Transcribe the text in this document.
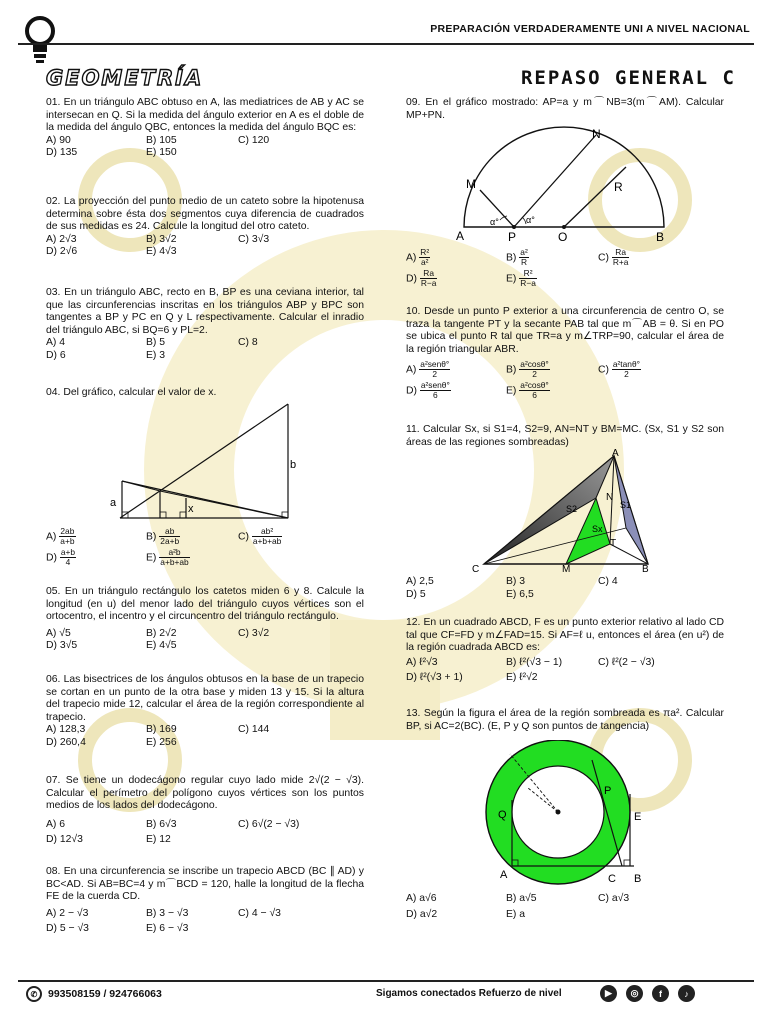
PREPARACIÓN VERDADERAMENTE UNI A NIVEL NACIONAL
GEOMETRÍA	REPASO GENERAL C

01. En un triángulo ABC obtuso en A, las mediatrices de AB y AC se intersecan en Q. Si la medida del ángulo exterior en A es el doble de la medida del ángulo QBC, entonces la medida del ángulo BQC es:

A) 90	B) 105	C) 120
D) 135	E) 150

02. La proyección del punto medio de un cateto sobre la hipotenusa determina sobre ésta dos segmentos cuya diferencia de cuadrados de sus medidas es 24. Calcule la longitud del otro cateto.

A) 2√3	B) 3√2	C) 3√3
D) 2√6	E) 4√3

03. En un triángulo ABC, recto en B, BP es una ceviana interior, tal que las circunferencias inscritas en los triángulos ABP y BPC son tangentes a BP y PC en Q y L respectivamente. Calcular el inradio del triángulo ABC, si BQ=6 y PL=2.

A) 4	B) 5	C) 8
D) 6	E) 3

04. Del gráfico, calcular el valor de x.

a	x
b
$A) \frac{2ab}{a+b}$	$B) \frac{ab}{2a+b}$	$C) \frac{\text{ab²}}{a+b+ab}$
$D) \frac{a+b}{4}$	$E) \frac{\text{a²b}}{a+b+ab}$

05. En un triángulo rectángulo los catetos miden 6 y 8. Calcule la longitud (en u) del menor lado del triángulo cuyos vértices son el ortocentro, el incentro y el circuncentro del triángulo rectángulo.

A) √5	B) 2√2	C) 3√2
D) 3√5	E) 4√5

06. Las bisectrices de los ángulos obtusos en la base de un trapecio se cortan en un punto de la otra base y miden 13 y 15. Si la altura del trapecio mide 12, calcular el área de la región correspondiente al trapecio.

A) 128,3	B) 169	C) 144
D) 260,4	E) 256

07. Se tiene un dodecágono regular cuyo lado mide 2√(2 − √3). Calcular el perímetro del polígono cuyos vértices son los puntos medios de los lados del dodecágono.

A) 6	B) 6√3	C) 6√(2 − √3)
D) 12√3	E) 12

08. En una circunferencia se inscribe un trapecio ABCD (BC ∥ AD) y BC<AD. Si AB=BC=4 y m⌒BCD = 120, halle la longitud de la flecha FE de la cuerda CD.

A) 2 − √3	B) 3 − √3	C) 4 − √3
D) 5 − √3	E) 6 − √3

09. En el gráfico mostrado: AP=a y m⌒NB=3(m⌒AM). Calcular MP+PN.

A	P	O	B
M
N
R
α°	α°
$A) \frac{\text{R²}}{\text{a²}}$	$B) \frac{\text{a²}}{R}$	$C) \frac{Ra}{R+a}$
$D) \frac{Ra}{R-a}$	$E) \frac{\text{R²}}{R-a}$

10. Desde un punto P exterior a una circunferencia de centro O, se traza la tangente PT y la secante PAB tal que m⌒AB = θ. Si en PO se ubica el punto R tal que TR=a y m∠TRP=90, calcular el área de la región triangular ABR.

$A) \frac{\text{a²senθ°}}{2}$	$B) \frac{\text{a²cosθ°}}{2}$	$C) \frac{\text{a²tanθ°}}{2}$
$D) \frac{\text{a²senθ°}}{6}$	$E) \frac{\text{a²cosθ°}}{6}$

11. Calcular Sx, si S1=4, S2=9, AN=NT y BM=MC. (Sx, S1 y S2 son áreas de las regiones sombreadas)

C
A
B
M
N
T
S1
S2
Sx
A) 2,5	B) 3	C) 4
D) 5	E) 6,5

12. En un cuadrado ABCD, F es un punto exterior relativo al lado CD tal que CF=FD y m∠FAD=15. Si AF=ℓ u, entonces el área (en u²) de la región cuadrada ABCD es:

A) ℓ²√3	B) ℓ²(√3 − 1)	C) ℓ²(2 − √3)
D) ℓ²(√3 + 1)	E) ℓ²√2

13. Según la figura el área de la región sombreada es πa². Calcular BP, si AC=2(BC). (E, P y Q son puntos de tangencia)

A	C B
E
P
Q
A) a√6	B) a√5	C) a√3
D) a√2	E) a
✆	993508159 / 924766063	Sigamos conectados Refuerzo de nivel	▶	◎	f	♪
